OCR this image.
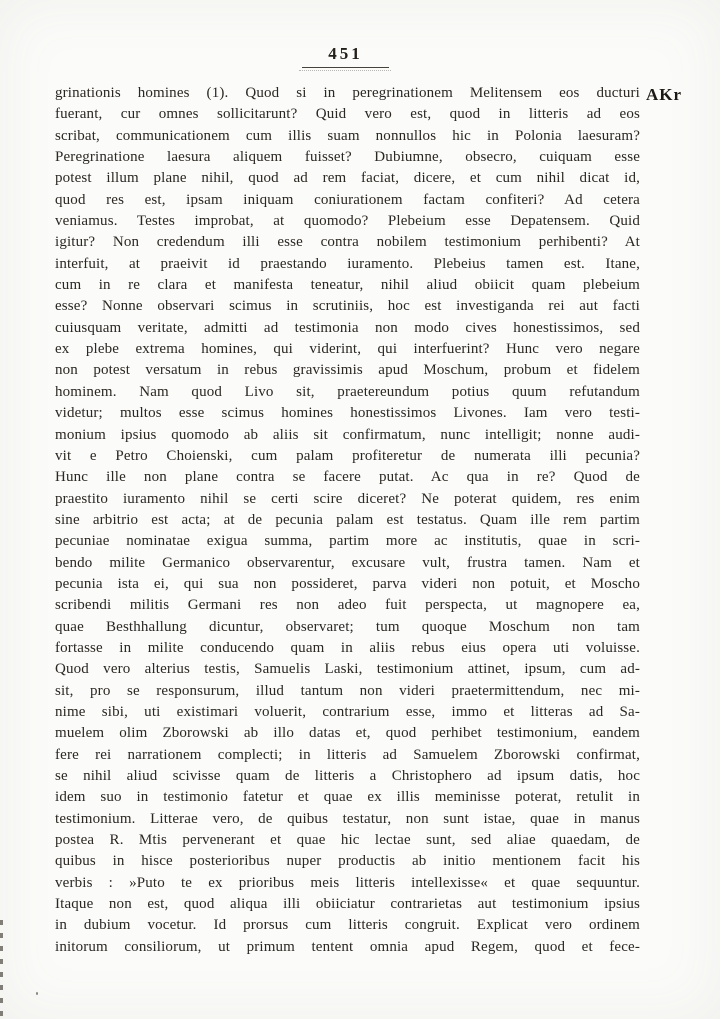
451
AKr
grinationis homines (1). Quod si in peregrinationem Melitensem eos ducturi
fuerant, cur omnes sollicitarunt? Quid vero est, quod in litteris ad eos
scribat, communicationem cum illis suam nonnullos hic in Polonia laesuram?
Peregrinatione laesura aliquem fuisset? Dubiumne, obsecro, cuiquam esse
potest illum plane nihil, quod ad rem faciat, dicere, et cum nihil dicat id,
quod res est, ipsam iniquam coniurationem factam confiteri? Ad cetera
veniamus. Testes improbat, at quomodo? Plebeium esse Depatensem. Quid
igitur? Non credendum illi esse contra nobilem testimonium perhibenti? At
interfuit, at praeivit id praestando iuramento. Plebeius tamen est. Itane,
cum in re clara et manifesta teneatur, nihil aliud obiicit quam plebeium
esse? Nonne observari scimus in scrutiniis, hoc est investiganda rei aut facti
cuiusquam veritate, admitti ad testimonia non modo cives honestissimos, sed
ex plebe extrema homines, qui viderint, qui interfuerint? Hunc vero negare
non potest versatum in rebus gravissimis apud Moschum, probum et fidelem
hominem. Nam quod Livo sit, praetereundum potius quum refutandum
videtur; multos esse scimus homines honestissimos Livones. Iam vero testi-
monium ipsius quomodo ab aliis sit confirmatum, nunc intelligit; nonne audi-
vit e Petro Choienski, cum palam profiteretur de numerata illi pecunia?
Hunc ille non plane contra se facere putat. Ac qua in re? Quod de
praestito iuramento nihil se certi scire diceret? Ne poterat quidem, res enim
sine arbitrio est acta; at de pecunia palam est testatus. Quam ille rem partim
pecuniae nominatae exigua summa, partim more ac institutis, quae in scri-
bendo milite Germanico observarentur, excusare vult, frustra tamen. Nam et
pecunia ista ei, qui sua non possideret, parva videri non potuit, et Moscho
scribendi militis Germani res non adeo fuit perspecta, ut magnopere ea,
quae Besthhallung dicuntur, observaret; tum quoque Moschum non tam
fortasse in milite conducendo quam in aliis rebus eius opera uti voluisse.
Quod vero alterius testis, Samuelis Laski, testimonium attinet, ipsum, cum ad-
sit, pro se responsurum, illud tantum non videri praetermittendum, nec mi-
nime sibi, uti existimari voluerit, contrarium esse, immo et litteras ad Sa-
muelem olim Zborowski ab illo datas et, quod perhibet testimonium, eandem
fere rei narrationem complecti; in litteris ad Samuelem Zborowski confirmat,
se nihil aliud scivisse quam de litteris a Christophero ad ipsum datis, hoc
idem suo in testimonio fatetur et quae ex illis meminisse poterat, retulit in
testimonium. Litterae vero, de quibus testatur, non sunt istae, quae in manus
postea R. Mtis pervenerant et quae hic lectae sunt, sed aliae quaedam, de
quibus in hisce posterioribus nuper productis ab initio mentionem facit his
verbis : »Puto te ex prioribus meis litteris intellexisse« et quae sequuntur.
Itaque non est, quod aliqua illi obiiciatur contrarietas aut testimonium ipsius
in dubium vocetur. Id prorsus cum litteris congruit. Explicat vero ordinem
initorum consiliorum, ut primum tentent omnia apud Regem, quod et fece-
